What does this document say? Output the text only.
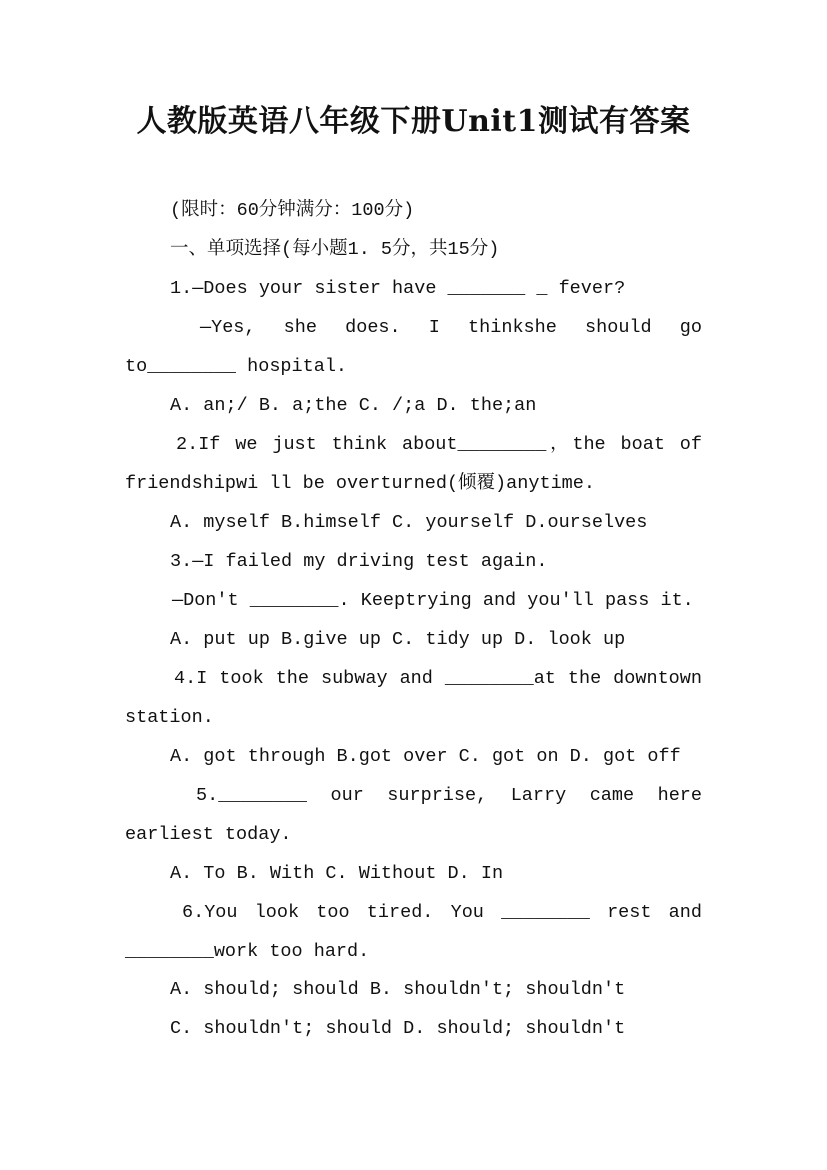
人教版英语八年级下册Unit1测试有答案
(限时：60分钟满分：100分)
一、单项选择(每小题1. 5分，共15分)
1.—Does your sister have _______ _ fever?
—Yes, she does. I thinkshe should go
to________ hospital.
A. an;/ B. a;the C. /;a D. the;an
2.If we just think about________，the boat of
friendshipwi ll be overturned(倾覆)anytime.
A. myself B.himself C. yourself D.ourselves
3.—I failed my driving test again.
—Don't ________. Keeptrying and you'll pass it.
A. put up B.give up C. tidy up D. look up
4.I took the subway and ________at the downtown
station.
A. got through B.got over C. got on D. got off
5.________ our surprise, Larry came here
earliest today.
A. To B. With C. Without D. In
6.You look too tired. You ________ rest and
________work too hard.
A. should; should B. shouldn't; shouldn't
C. shouldn't; should D. should; shouldn't
